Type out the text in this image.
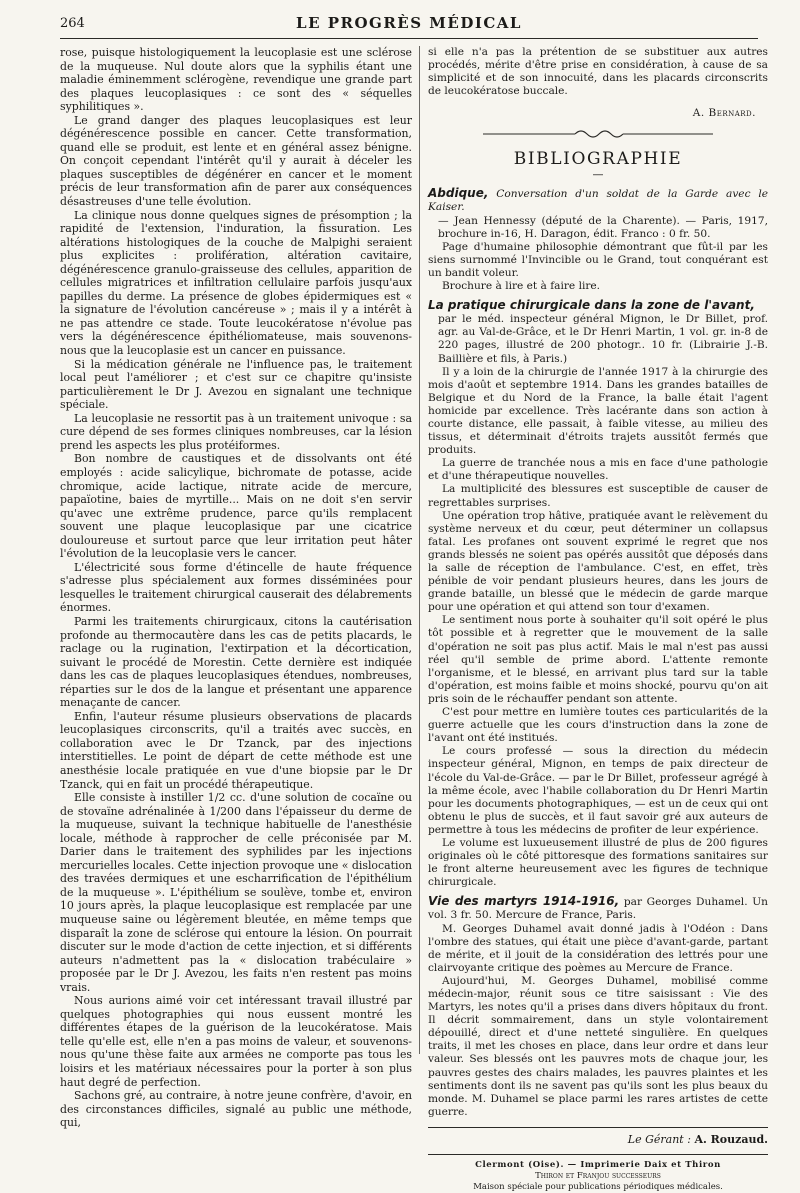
264	LE PROGRÈS MÉDICAL

rose, puisque histologiquement la leucoplasie est une sclérose de la muqueuse. Nul doute alors que la syphilis étant une maladie éminemment sclérogène, revendique une grande part des plaques leucoplasiques : ce sont des « séquelles syphilitiques ».

Le grand danger des plaques leucoplasiques est leur dégénérescence possible en cancer. Cette transformation, quand elle se produit, est lente et en général assez bénigne. On conçoit cependant l'intérêt qu'il y aurait à déceler les plaques susceptibles de dégénérer en cancer et le moment précis de leur transformation afin de parer aux conséquences désastreuses d'une telle évolution.

La clinique nous donne quelques signes de présomption ; la rapidité de l'extension, l'induration, la fissuration. Les altérations histologiques de la couche de Malpighi seraient plus explicites : prolifération, altération cavitaire, dégénérescence granulo-graisseuse des cellules, apparition de cellules migratrices et infiltration cellulaire parfois jusqu'aux papilles du derme. La présence de globes épidermiques est « la signature de l'évolution cancéreuse » ; mais il y a intérêt à ne pas attendre ce stade. Toute leucokératose n'évolue pas vers la dégénérescence épithéliomateuse, mais souvenons-nous que la leucoplasie est un cancer en puissance.

Si la médication générale ne l'influence pas, le traitement local peut l'améliorer ; et c'est sur ce chapitre qu'insiste particulièrement le Dr J. Avezou en signalant une technique spéciale.

La leucoplasie ne ressortit pas à un traitement univoque : sa cure dépend de ses formes cliniques nombreuses, car la lésion prend les aspects les plus protéiformes.

Bon nombre de caustiques et de dissolvants ont été employés : acide salicylique, bichromate de potasse, acide chromique, acide lactique, nitrate acide de mercure, papaïotine, baies de myrtille... Mais on ne doit s'en servir qu'avec une extrême prudence, parce qu'ils remplacent souvent une plaque leucoplasique par une cicatrice douloureuse et surtout parce que leur irritation peut hâter l'évolution de la leucoplasie vers le cancer.

L'électricité sous forme d'étincelle de haute fréquence s'adresse plus spécialement aux formes disséminées pour lesquelles le traitement chirurgical causerait des délabrements énormes.

Parmi les traitements chirurgicaux, citons la cautérisation profonde au thermocautère dans les cas de petits placards, le raclage ou la rugination, l'extirpation et la décortication, suivant le procédé de Morestin. Cette dernière est indiquée dans les cas de plaques leucoplasiques étendues, nombreuses, réparties sur le dos de la langue et présentant une apparence menaçante de cancer.

Enfin, l'auteur résume plusieurs observations de placards leucoplasiques circonscrits, qu'il a traités avec succès, en collaboration avec le Dr Tzanck, par des injections interstitielles. Le point de départ de cette méthode est une anesthésie locale pratiquée en vue d'une biopsie par le Dr Tzanck, qui en fait un procédé thérapeutique.

Elle consiste à instiller 1/2 cc. d'une solution de cocaïne ou de stovaïne adrénalinée à 1/200 dans l'épaisseur du derme de la muqueuse, suivant la technique habituelle de l'anesthésie locale, méthode à rapprocher de celle préconisée par M. Darier dans le traitement des syphilides par les injections mercurielles locales. Cette injection provoque une « dislocation des travées dermiques et une escharrification de l'épithélium de la muqueuse ». L'épithélium se soulève, tombe et, environ 10 jours après, la plaque leucoplasique est remplacée par une muqueuse saine ou légèrement bleutée, en même temps que disparaît la zone de sclérose qui entoure la lésion. On pourrait discuter sur le mode d'action de cette injection, et si différents auteurs n'admettent pas la « dislocation trabéculaire » proposée par le Dr J. Avezou, les faits n'en restent pas moins vrais.

Nous aurions aimé voir cet intéressant travail illustré par quelques photographies qui nous eussent montré les différentes étapes de la guérison de la leucokératose. Mais telle qu'elle est, elle n'en a pas moins de valeur, et souvenons-nous qu'une thèse faite aux armées ne comporte pas tous les loisirs et les matériaux nécessaires pour la porter à son plus haut degré de perfection.

Sachons gré, au contraire, à notre jeune confrère, d'avoir, en des circonstances difficiles, signalé au public une méthode, qui,

si elle n'a pas la prétention de se substituer aux autres procédés, mérite d'être prise en considération, à cause de sa simplicité et de son innocuité, dans les placards circonscrits de leucokératose buccale.

A. Bernard.
BIBLIOGRAPHIE
—

Abdique, Conversation d'un soldat de la Garde avec le Kaiser.
— Jean Hennessy (député de la Charente). — Paris, 1917, brochure in-16, H. Daragon, édit. Franco : 0 fr. 50.

Page d'humaine philosophie démontrant que fût-il par les siens surnommé l'Invincible ou le Grand, tout conquérant est un bandit voleur.

Brochure à lire et à faire lire.

La pratique chirurgicale dans la zone de l'avant,
par le méd. inspecteur général Mignon, le Dr Billet, prof. agr. au Val-de-Grâce, et le Dr Henri Martin, 1 vol. gr. in-8 de 220 pages, illustré de 200 photogr.. 10 fr. (Librairie J.-B. Baillière et fils, à Paris.)

Il y a loin de la chirurgie de l'année 1917 à la chirurgie des mois d'août et septembre 1914. Dans les grandes batailles de Belgique et du Nord de la France, la balle était l'agent homicide par excellence. Très lacérante dans son action à courte distance, elle passait, à faible vitesse, au milieu des tissus, et déterminait d'étroits trajets aussitôt fermés que produits.

La guerre de tranchée nous a mis en face d'une pathologie et d'une thérapeutique nouvelles.

La multiplicité des blessures est susceptible de causer de regrettables surprises.

Une opération trop hâtive, pratiquée avant le relèvement du système nerveux et du cœur, peut déterminer un collapsus fatal. Les profanes ont souvent exprimé le regret que nos grands blessés ne soient pas opérés aussitôt que déposés dans la salle de réception de l'ambulance. C'est, en effet, très pénible de voir pendant plusieurs heures, dans les jours de grande bataille, un blessé que le médecin de garde marque pour une opération et qui attend son tour d'examen.

Le sentiment nous porte à souhaiter qu'il soit opéré le plus tôt possible et à regretter que le mouvement de la salle d'opération ne soit pas plus actif. Mais le mal n'est pas aussi réel qu'il semble de prime abord. L'attente remonte l'organisme, et le blessé, en arrivant plus tard sur la table d'opération, est moins faible et moins shocké, pourvu qu'on ait pris soin de le réchauffer pendant son attente.

C'est pour mettre en lumière toutes ces particularités de la guerre actuelle que les cours d'instruction dans la zone de l'avant ont été institués.

Le cours professé — sous la direction du médecin inspecteur général, Mignon, en temps de paix directeur de l'école du Val-de-Grâce. — par le Dr Billet, professeur agrégé à la même école, avec l'habile collaboration du Dr Henri Martin pour les documents photographiques, — est un de ceux qui ont obtenu le plus de succès, et il faut savoir gré aux auteurs de permettre à tous les médecins de profiter de leur expérience.

Le volume est luxueusement illustré de plus de 200 figures originales où le côté pittoresque des formations sanitaires sur le front alterne heureusement avec les figures de technique chirurgicale.

Vie des martyrs 1914-1916, par Georges Duhamel. Un vol. 3 fr. 50. Mercure de France, Paris.

M. Georges Duhamel avait donné jadis à l'Odéon : Dans l'ombre des statues, qui était une pièce d'avant-garde, partant de mérite, et il jouit de la considération des lettrés pour une clairvoyante critique des poèmes au Mercure de France.

Aujourd'hui, M. Georges Duhamel, mobilisé comme médecin-major, réunit sous ce titre saisissant : Vie des Martyrs, les notes qu'il a prises dans divers hôpitaux du front. Il décrit sommairement, dans un style volontairement dépouillé, direct et d'une netteté singulière. En quelques traits, il met les choses en place, dans leur ordre et dans leur valeur. Ses blessés ont les pauvres mots de chaque jour, les pauvres gestes des chairs malades, les pauvres plaintes et les sentiments dont ils ne savent pas qu'ils sont les plus beaux du monde. M. Duhamel se place parmi les rares artistes de cette guerre.

Le Gérant : A. Rouzaud.
Clermont (Oise). — Imprimerie Daix et Thiron
Thiron et Franjou successeurs
Maison spéciale pour publications périodiques médicales.
